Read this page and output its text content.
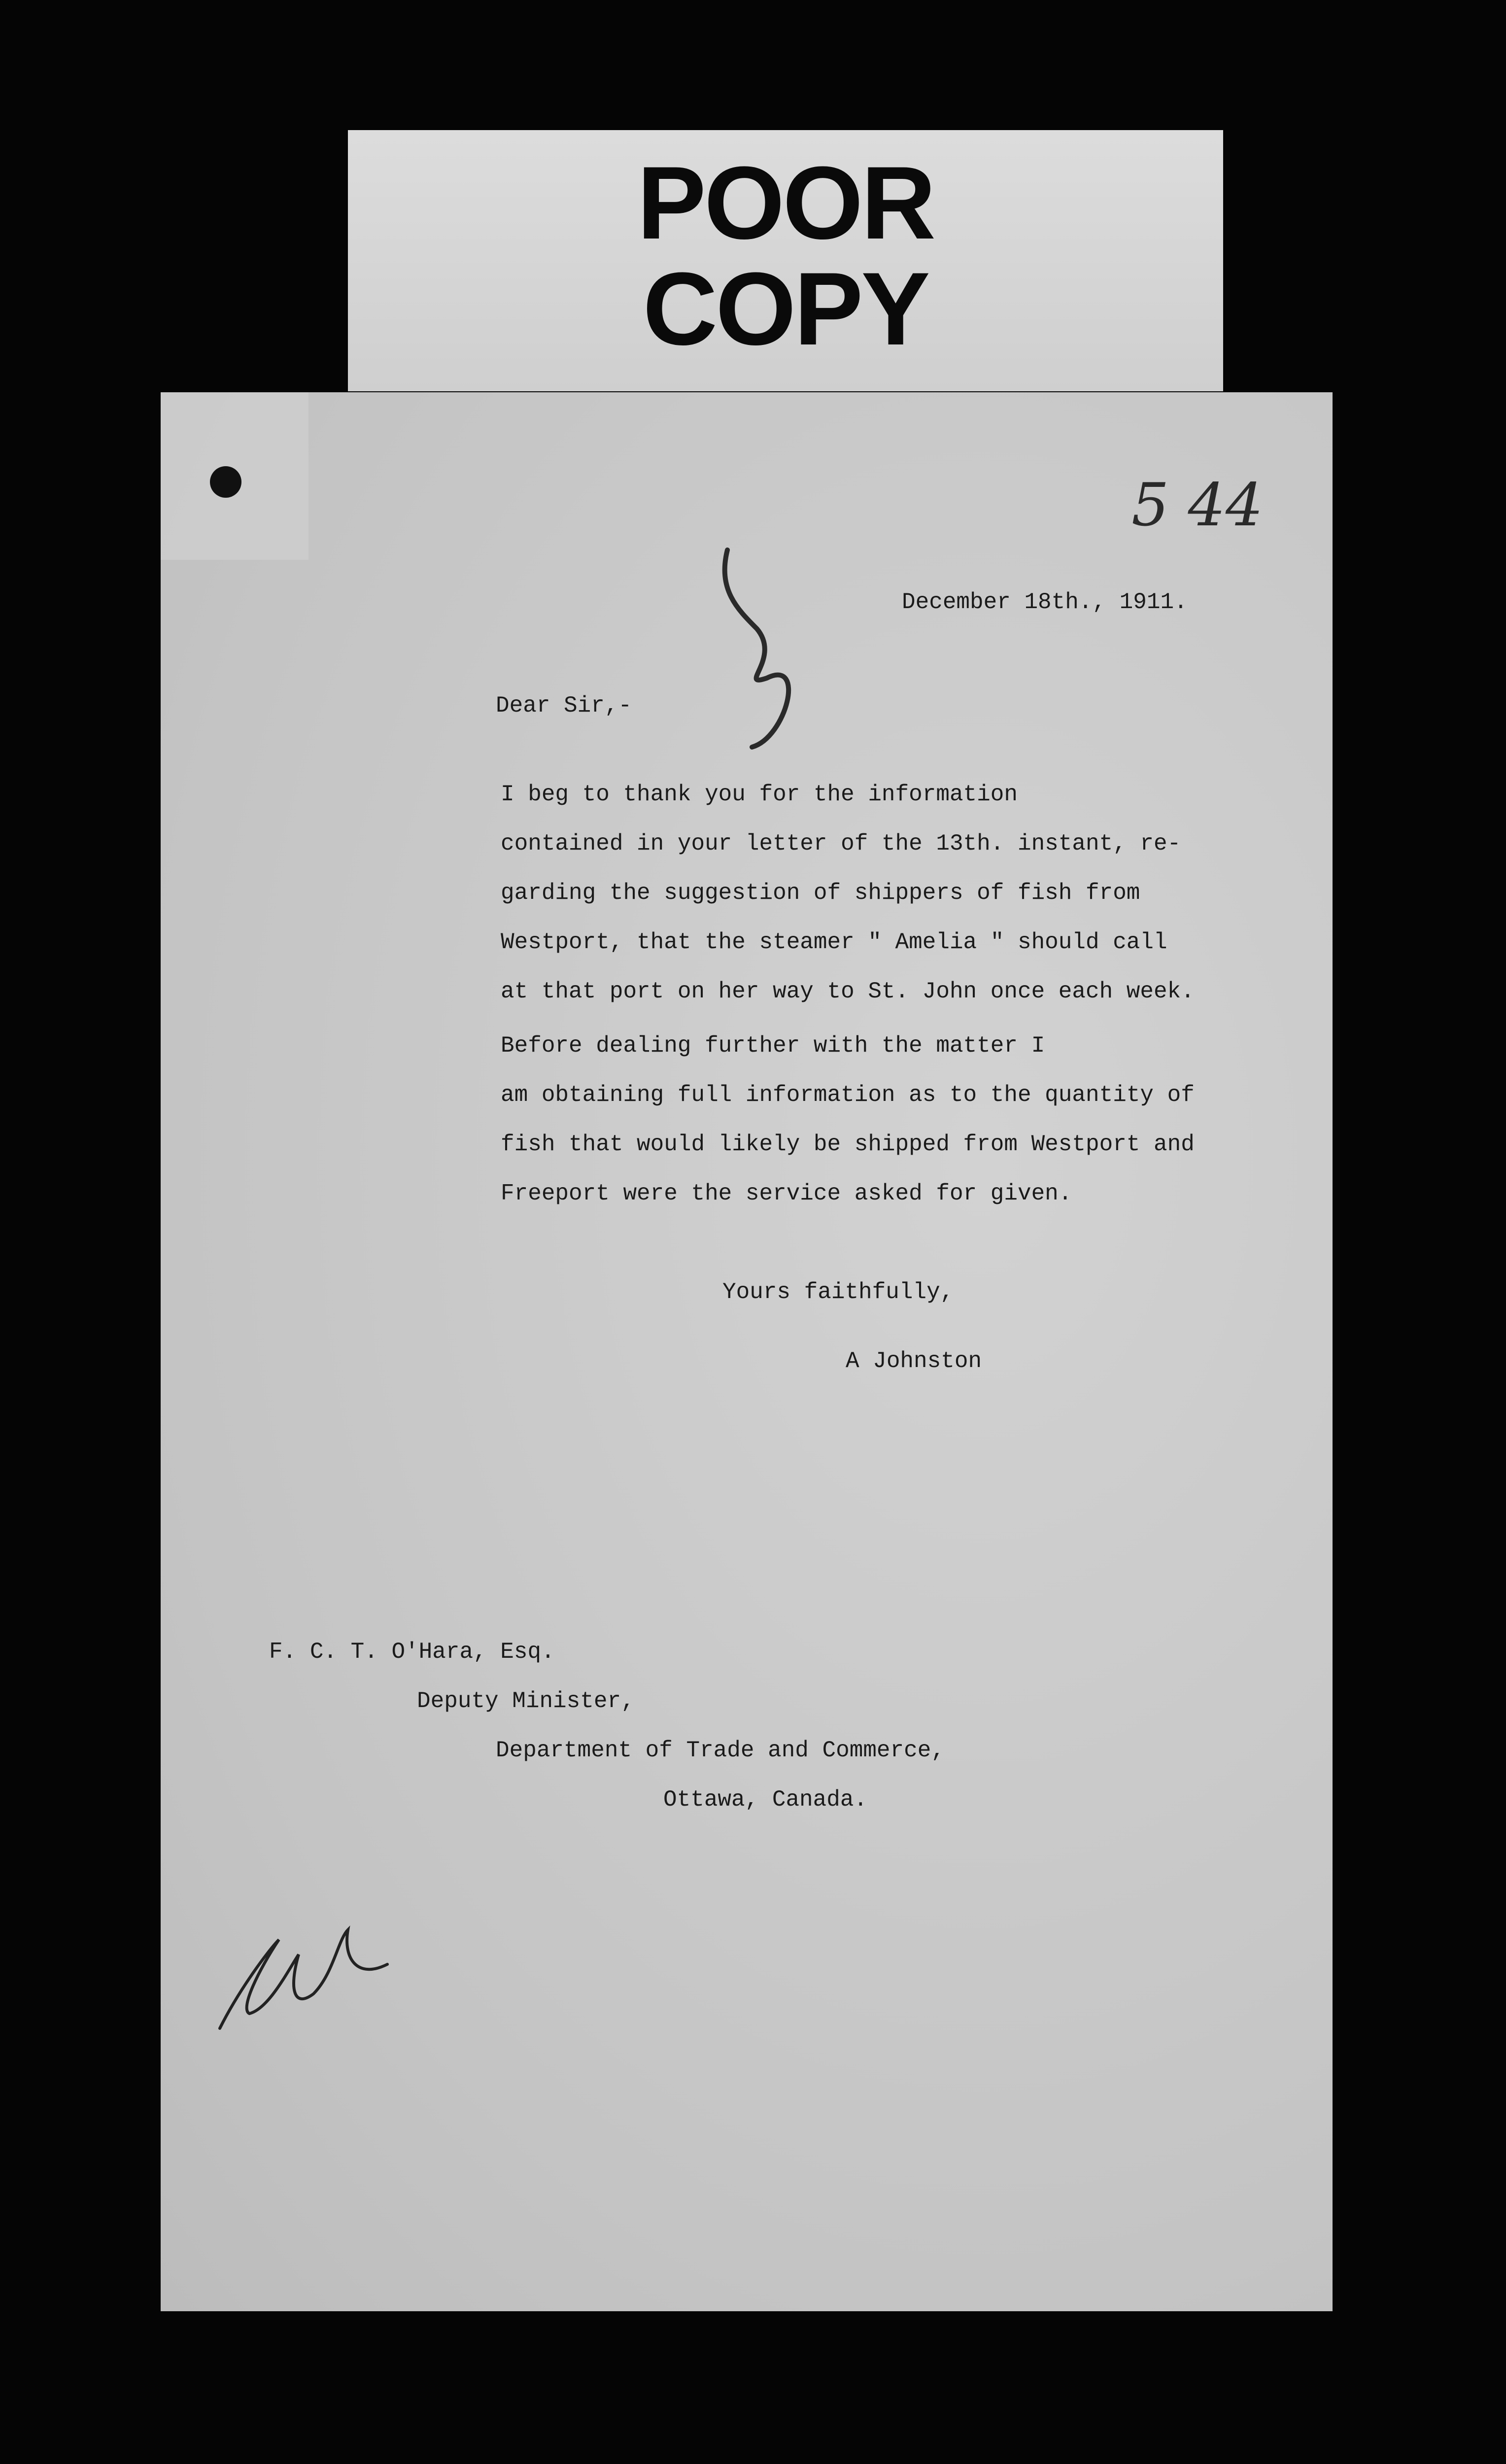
POOR
COPY
5 44
December 18th., 1911.
Dear Sir,-
I beg to thank you for the information
contained in your letter of the 13th. instant, re-
garding the suggestion of shippers of fish from
Westport, that the steamer " Amelia " should call
at that port on her way to St. John once each week.
Before dealing further with the matter I
am obtaining full information as to the quantity of
fish that would likely be shipped from Westport and
Freeport were the service asked for given.
Yours faithfully,
A Johnston
F. C. T. O'Hara, Esq.
Deputy Minister,
Department of Trade and Commerce,
Ottawa, Canada.
